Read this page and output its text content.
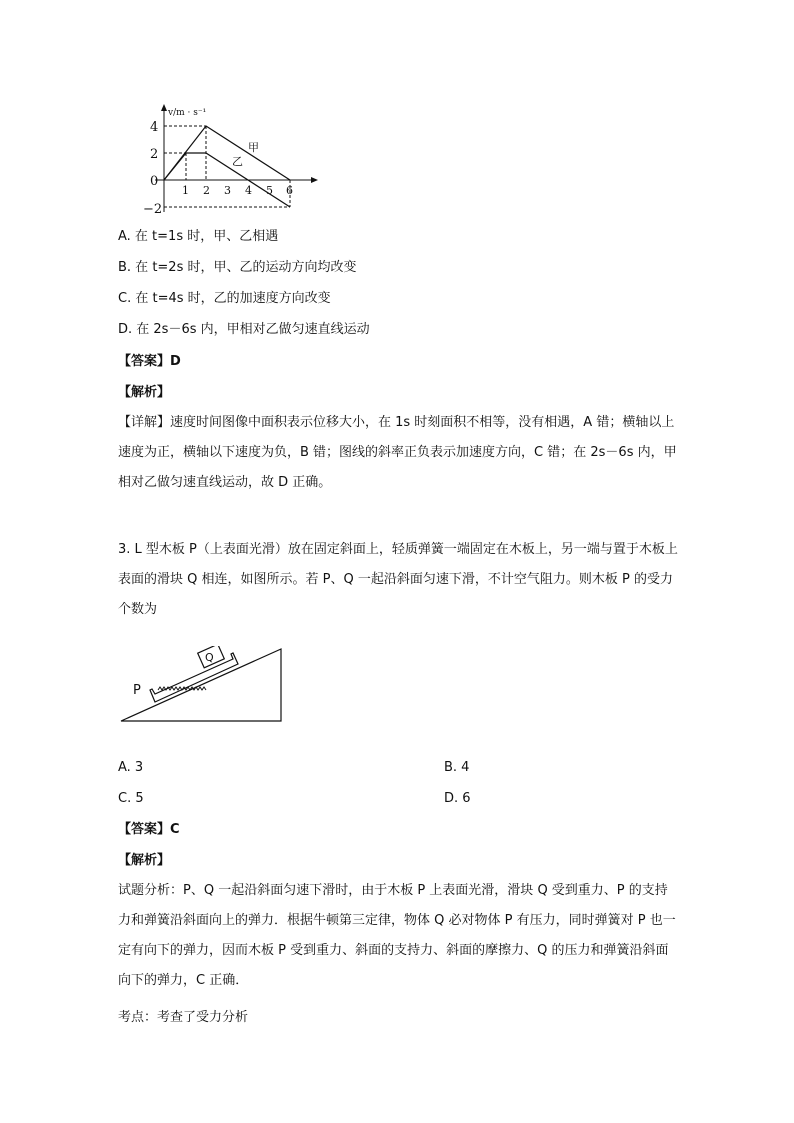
v/m · s⁻¹
4
2
0
−2
1 2 3 4 5 6
甲
乙
A. 在 t=1s 时，甲、乙相遇
B. 在 t=2s 时，甲、乙的运动方向均改变
C. 在 t=4s 时，乙的加速度方向改变
D. 在 2s－6s 内，甲相对乙做匀速直线运动
【答案】D
【解析】
【详解】速度时间图像中面积表示位移大小，在 1s 时刻面积不相等，没有相遇，A 错；横轴以上速度为正，横轴以下速度为负，B 错；图线的斜率正负表示加速度方向，C 错；在 2s－6s 内，甲相对乙做匀速直线运动，故 D 正确。
3. L 型木板 P（上表面光滑）放在固定斜面上，轻质弹簧一端固定在木板上，另一端与置于木板上表面的滑块 Q 相连，如图所示。若 P、Q 一起沿斜面匀速下滑，不计空气阻力。则木板 P 的受力个数为
P
Q
A. 3	B. 4
C. 5	D. 6
【答案】C
【解析】
试题分析：P、Q 一起沿斜面匀速下滑时，由于木板 P 上表面光滑，滑块 Q 受到重力、P 的支持力和弹簧沿斜面向上的弹力．根据牛顿第三定律，物体 Q 必对物体 P 有压力，同时弹簧对 P 也一定有向下的弹力，因而木板 P 受到重力、斜面的支持力、斜面的摩擦力、Q 的压力和弹簧沿斜面向下的弹力，C 正确．
考点：考查了受力分析
